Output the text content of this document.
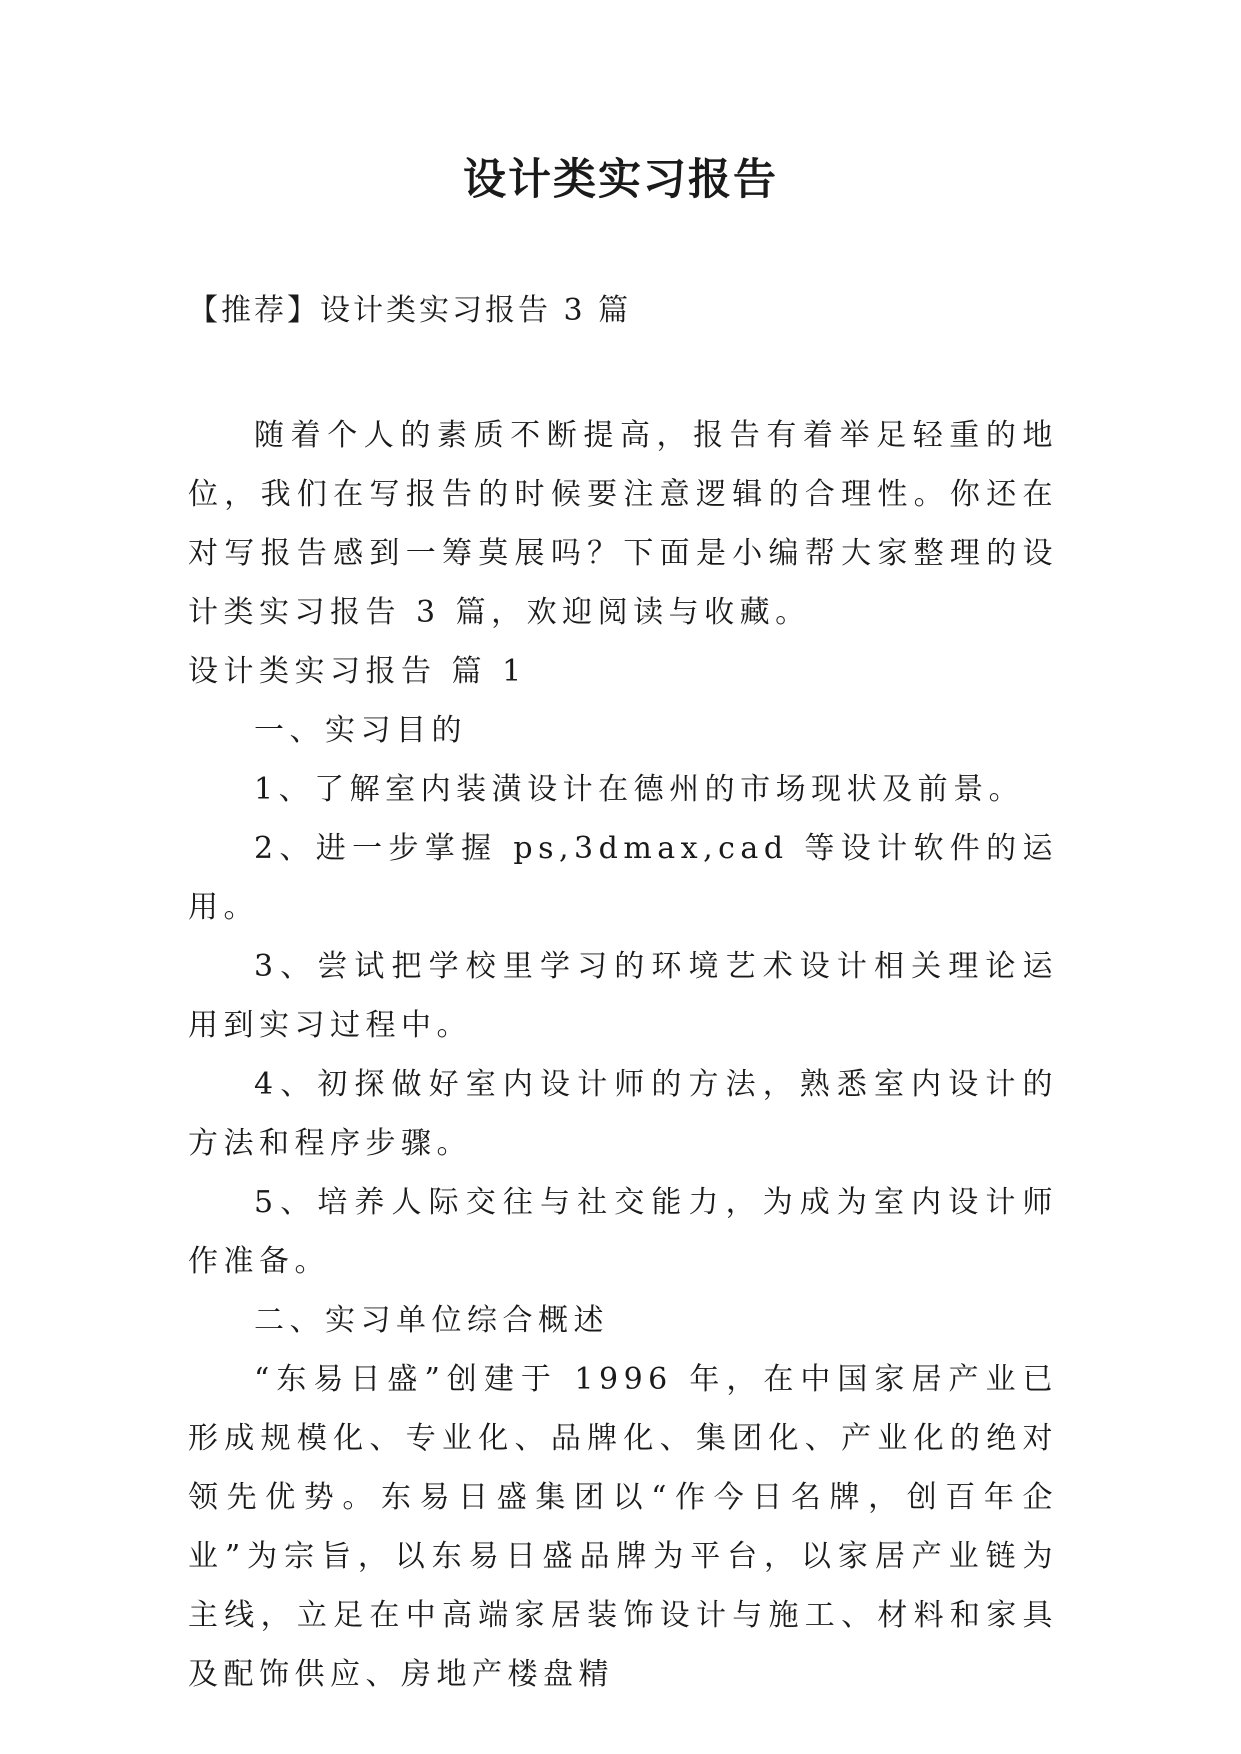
设计类实习报告

【推荐】设计类实习报告 3 篇

随着个人的素质不断提高，报告有着举足轻重的地位，我们在写报告的时候要注意逻辑的合理性。你还在对写报告感到一筹莫展吗？下面是小编帮大家整理的设计类实习报告 3 篇，欢迎阅读与收藏。

设计类实习报告 篇 1

一、实习目的

1、了解室内装潢设计在德州的市场现状及前景。

2、进一步掌握 ps,3dmax,cad 等设计软件的运用。

3、尝试把学校里学习的环境艺术设计相关理论运用到实习过程中。

4、初探做好室内设计师的方法，熟悉室内设计的方法和程序步骤。

5、培养人际交往与社交能力，为成为室内设计师作准备。

二、实习单位综合概述

“东易日盛”创建于 1996 年，在中国家居产业已形成规模化、专业化、品牌化、集团化、产业化的绝对领先优势。东易日盛集团以“作今日名牌，创百年企业”为宗旨，以东易日盛品牌为平台，以家居产业链为主线，立足在中高端家居装饰设计与施工、材料和家具及配饰供应、房地产楼盘精
